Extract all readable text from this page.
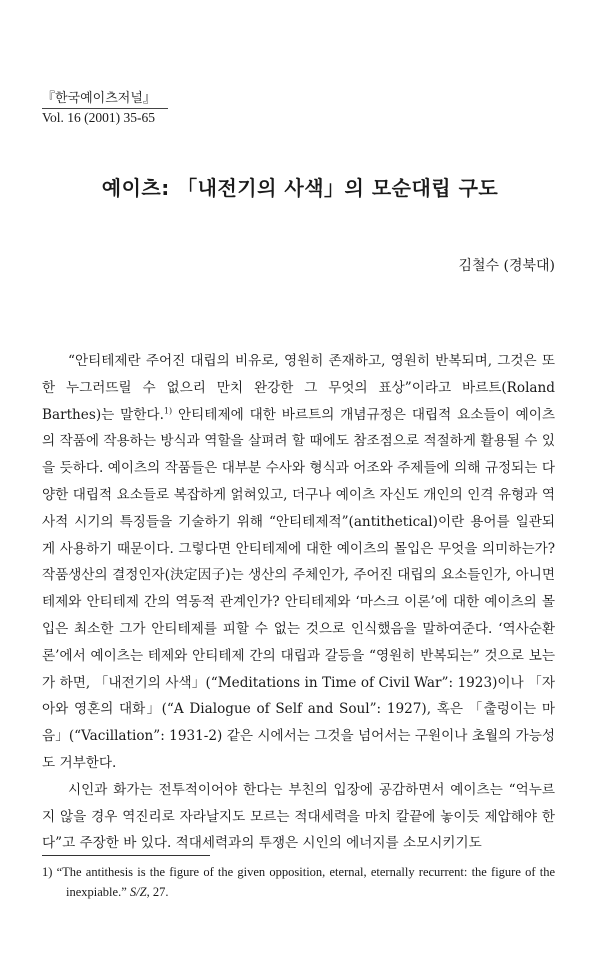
『한국예이츠저널』
Vol. 16 (2001) 35-65
예이츠: 「내전기의 사색」의 모순대립 구도
김철수 (경북대)

“안티테제란 주어진 대립의 비유로, 영원히 존재하고, 영원히 반복되며, 그것은 또한 누그러뜨릴 수 없으리 만치 완강한 그 무엇의 표상”이라고 바르트(Roland Barthes)는 말한다.$^{1)}$ 안티테제에 대한 바르트의 개념규정은 대립적 요소들이 예이츠의 작품에 작용하는 방식과 역할을 살펴려 할 때에도 참조점으로 적절하게 활용될 수 있을 듯하다. 예이츠의 작품들은 대부분 수사와 형식과 어조와 주제들에 의해 규정되는 다양한 대립적 요소들로 복잡하게 얽혀있고, 더구나 예이츠 자신도 개인의 인격 유형과 역사적 시기의 특징들을 기술하기 위해 “안티테제적”(antithetical)이란 용어를 일관되게 사용하기 때문이다. 그렇다면 안티테제에 대한 예이츠의 몰입은 무엇을 의미하는가? 작품생산의 결정인자(決定因子)는 생산의 주체인가, 주어진 대립의 요소들인가, 아니면 테제와 안티테제 간의 역동적 관계인가? 안티테제와 ‘마스크 이론’에 대한 예이츠의 몰입은 최소한 그가 안티테제를 피할 수 없는 것으로 인식했음을 말하여준다. ‘역사순환론’에서 예이츠는 테제와 안티테제 간의 대립과 갈등을 “영원히 반복되는” 것으로 보는가 하면, 「내전기의 사색」(“Meditations in Time of Civil War”: 1923)이나 「자아와 영혼의 대화」(“A Dialogue of Self and Soul”: 1927), 혹은 「출렁이는 마음」(“Vacillation”: 1931-2) 같은 시에서는 그것을 넘어서는 구원이나 초월의 가능성도 거부한다.

시인과 화가는 전투적이어야 한다는 부친의 입장에 공감하면서 예이츠는 “억누르지 않을 경우 역진리로 자라날지도 모르는 적대세력을 마치 칼끝에 놓이듯 제압해야 한다”고 주장한 바 있다. 적대세력과의 투쟁은 시인의 에너지를 소모시키기도

1) “The antithesis is the figure of the given opposition, eternal, eternally recurrent: the figure of the inexpiable.” S/Z, 27.
